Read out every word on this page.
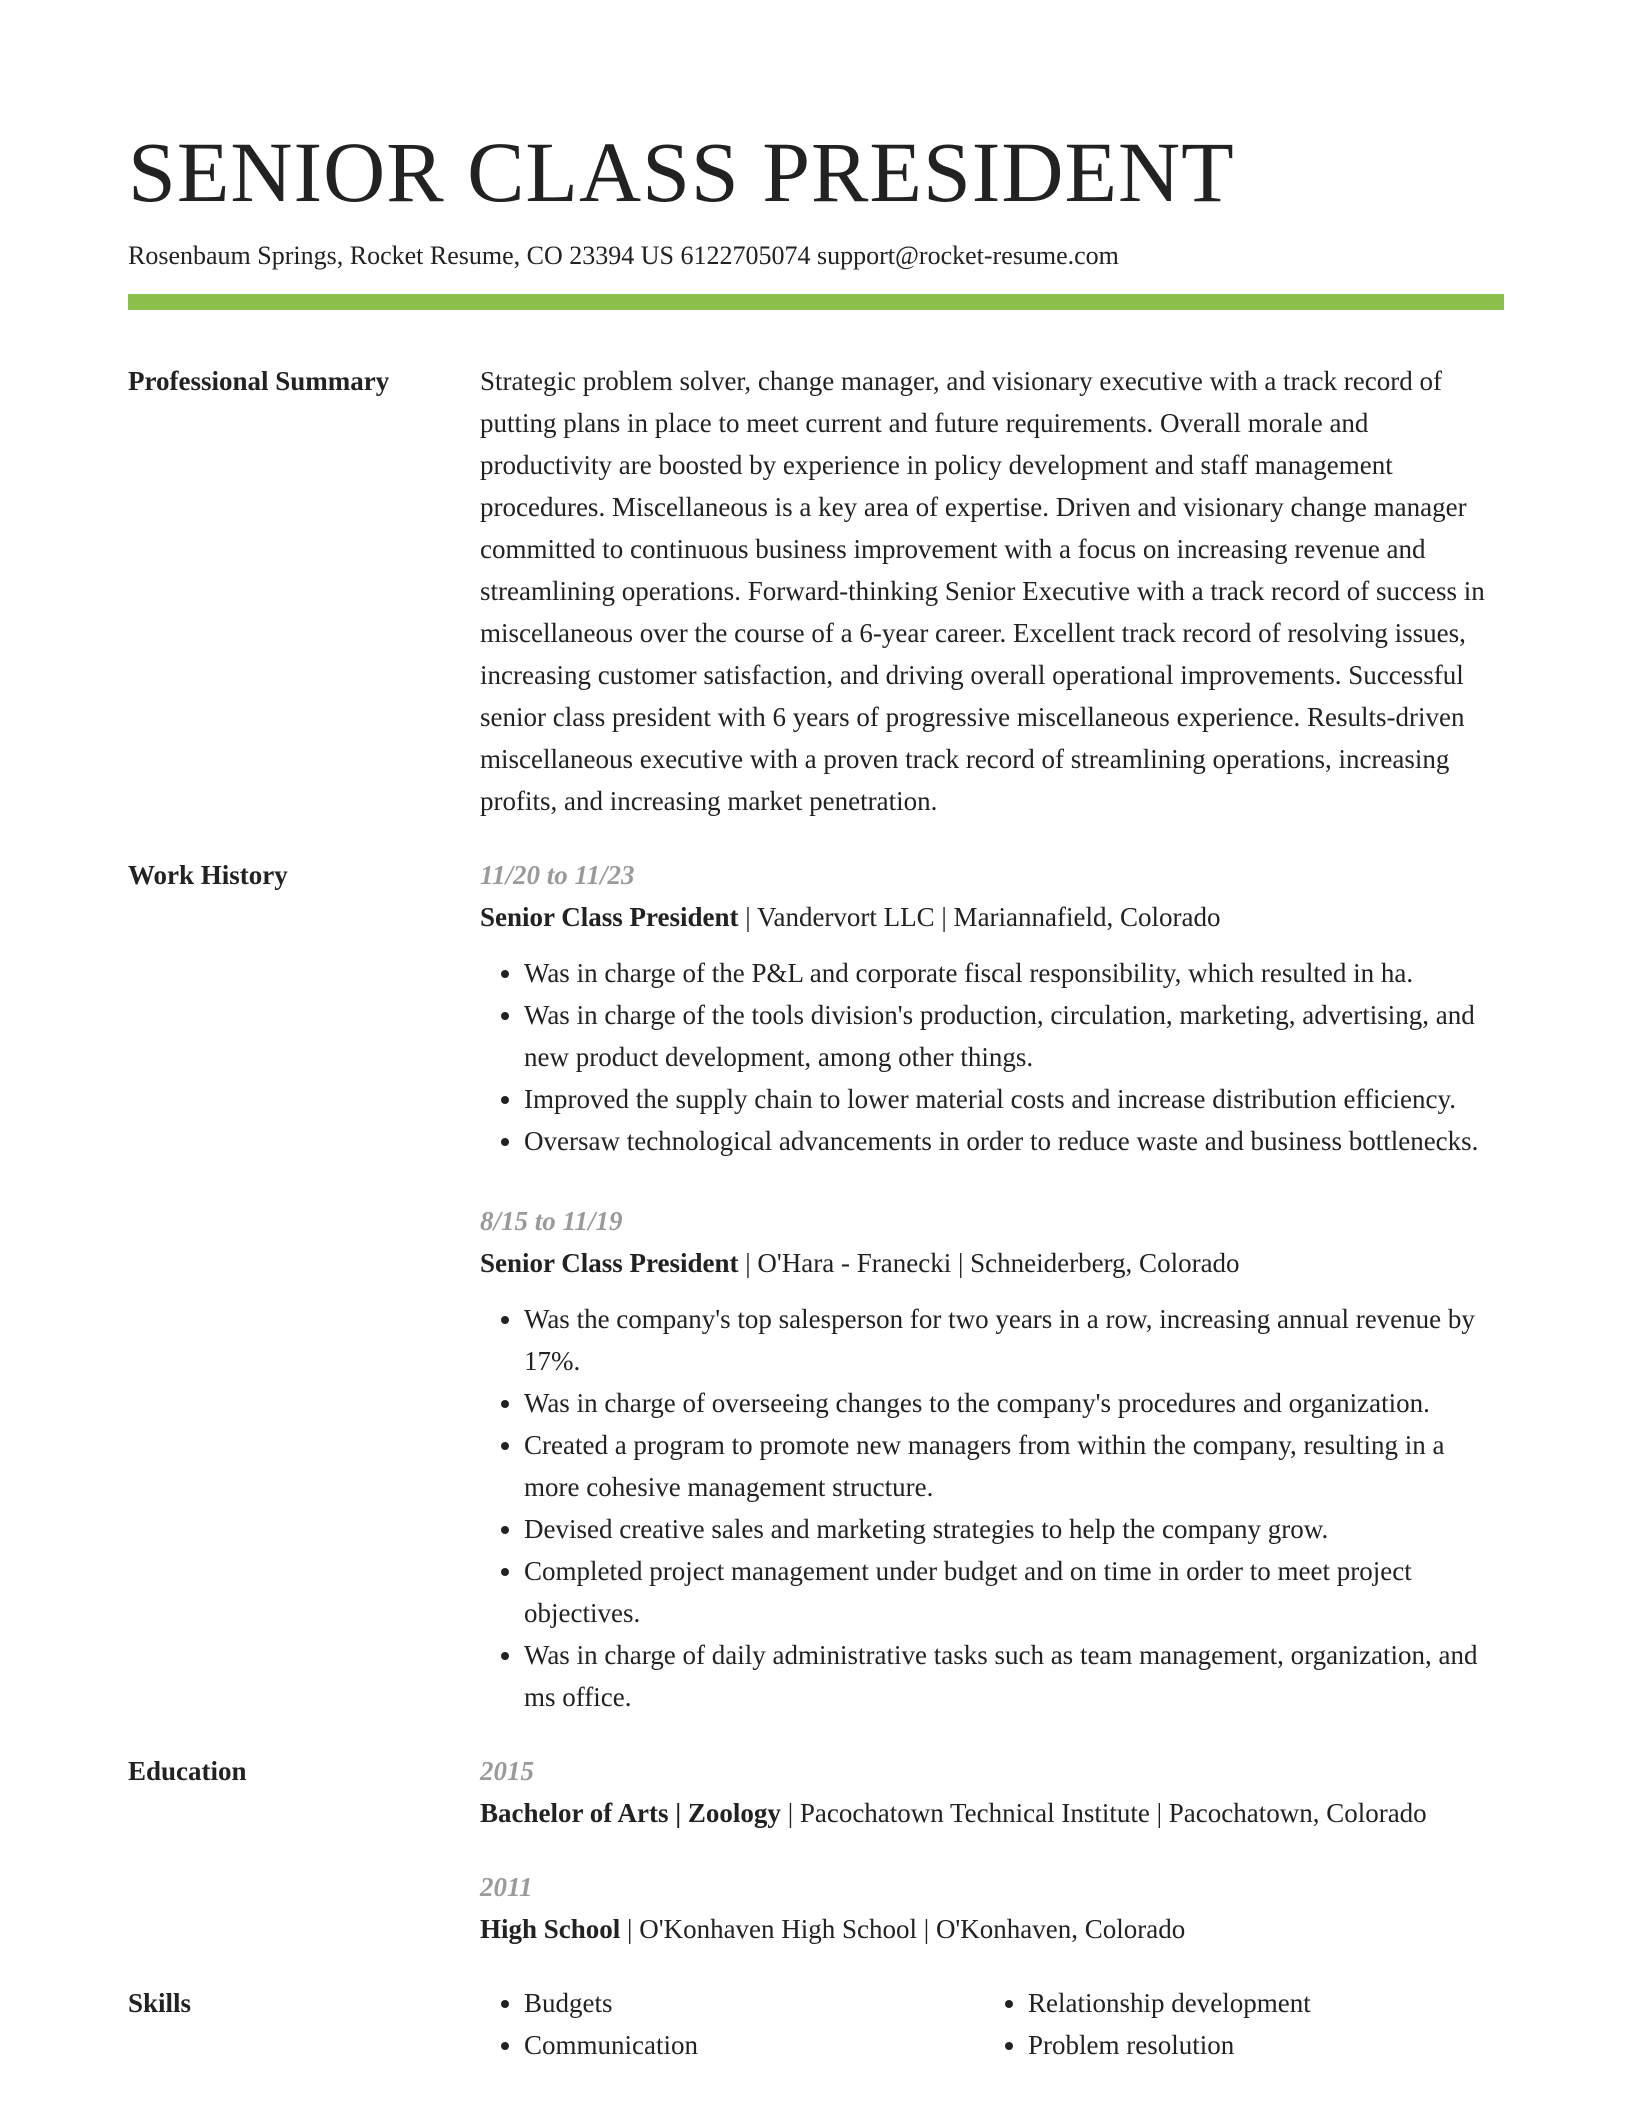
SENIOR CLASS PRESIDENT
Rosenbaum Springs, Rocket Resume, CO 23394 US 6122705074 support@rocket-resume.com
Professional Summary	Strategic problem solver, change manager, and visionary executive with a track record of putting plans in place to meet current and future requirements. Overall morale and productivity are boosted by experience in policy development and staff management procedures. Miscellaneous is a key area of expertise. Driven and visionary change manager committed to continuous business improvement with a focus on increasing revenue and streamlining operations. Forward-thinking Senior Executive with a track record of success in miscellaneous over the course of a 6-year career. Excellent track record of resolving issues, increasing customer satisfaction, and driving overall operational improvements. Successful senior class president with 6 years of progressive miscellaneous experience. Results-driven miscellaneous executive with a proven track record of streamlining operations, increasing profits, and increasing market penetration.

Work History	11/20 to 11/23
Senior Class President | Vandervort LLC | Mariannafield, Colorado
• Was in charge of the P&L and corporate fiscal responsibility, which resulted in ha.
• Was in charge of the tools division's production, circulation, marketing, advertising, and new product development, among other things.
• Improved the supply chain to lower material costs and increase distribution efficiency.
• Oversaw technological advancements in order to reduce waste and business bottlenecks.
8/15 to 11/19
Senior Class President | O'Hara - Franecki | Schneiderberg, Colorado
• Was the company's top salesperson for two years in a row, increasing annual revenue by 17%.
• Was in charge of overseeing changes to the company's procedures and organization.
• Created a program to promote new managers from within the company, resulting in a more cohesive management structure.
• Devised creative sales and marketing strategies to help the company grow.
• Completed project management under budget and on time in order to meet project objectives.
• Was in charge of daily administrative tasks such as team management, organization, and ms office.
Education	2015
Bachelor of Arts | Zoology | Pacochatown Technical Institute | Pacochatown, Colorado
2011
High School | O'Konhaven High School | O'Konhaven, Colorado
Skills
•	Budgets
• Communication
• Relationship development
• Problem resolution
